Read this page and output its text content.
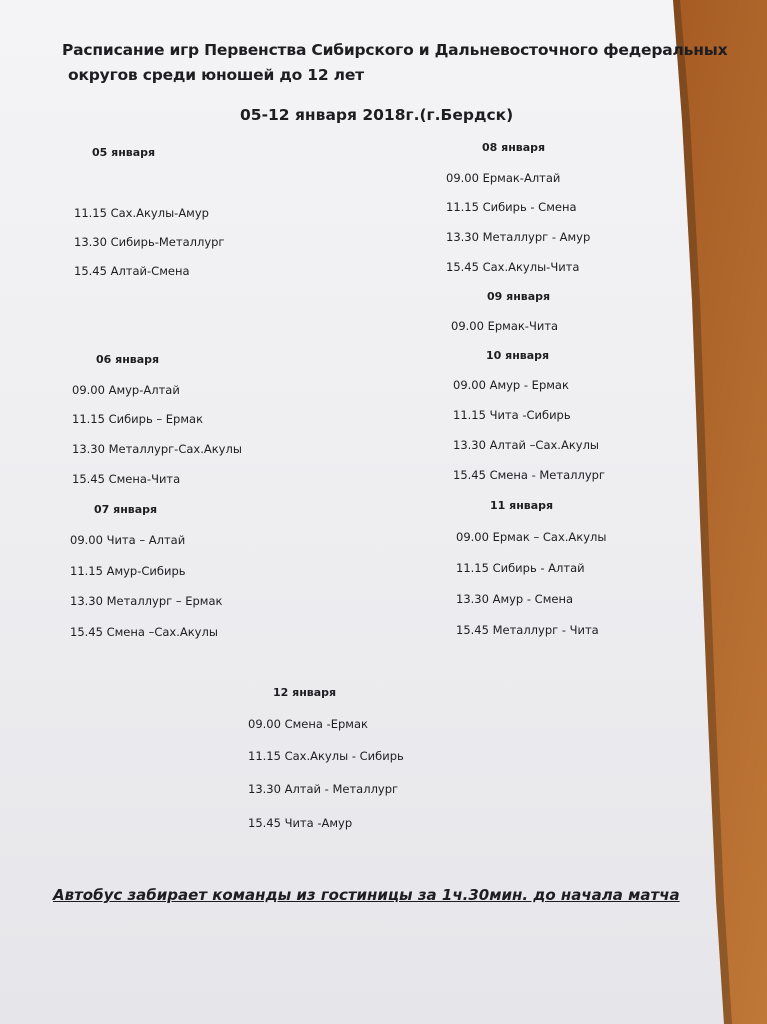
Расписание игр Первенства Сибирского и Дальневосточного федеральных
округов среди юношей до 12 лет
05-12 января 2018г.(г.Бердск)
05 января
11.15 Сах.Акулы-Амур
13.30 Сибирь-Металлург
15.45 Алтай-Смена
06 января
09.00 Амур-Алтай
11.15 Сибирь – Ермак
13.30 Металлург-Сах.Акулы
15.45 Смена-Чита
07 января
09.00 Чита – Алтай
11.15 Амур-Сибирь
13.30 Металлург – Ермак
15.45 Смена –Сах.Акулы
08 января
09.00 Ермак-Алтай
11.15 Сибирь - Смена
13.30 Металлург - Амур
15.45 Сах.Акулы-Чита
09 января
09.00 Ермак-Чита
10 января
09.00 Амур - Ермак
11.15 Чита -Сибирь
13.30 Алтай –Сах.Акулы
15.45 Смена - Металлург
11 января
09.00 Ермак – Сах.Акулы
11.15 Сибирь - Алтай
13.30 Амур - Смена
15.45 Металлург - Чита
12 января
09.00 Смена -Ермак
11.15 Сах.Акулы - Сибирь
13.30 Алтай - Металлург
15.45 Чита -Амур
Автобус забирает команды из гостиницы за 1ч.30мин. до начала матча
